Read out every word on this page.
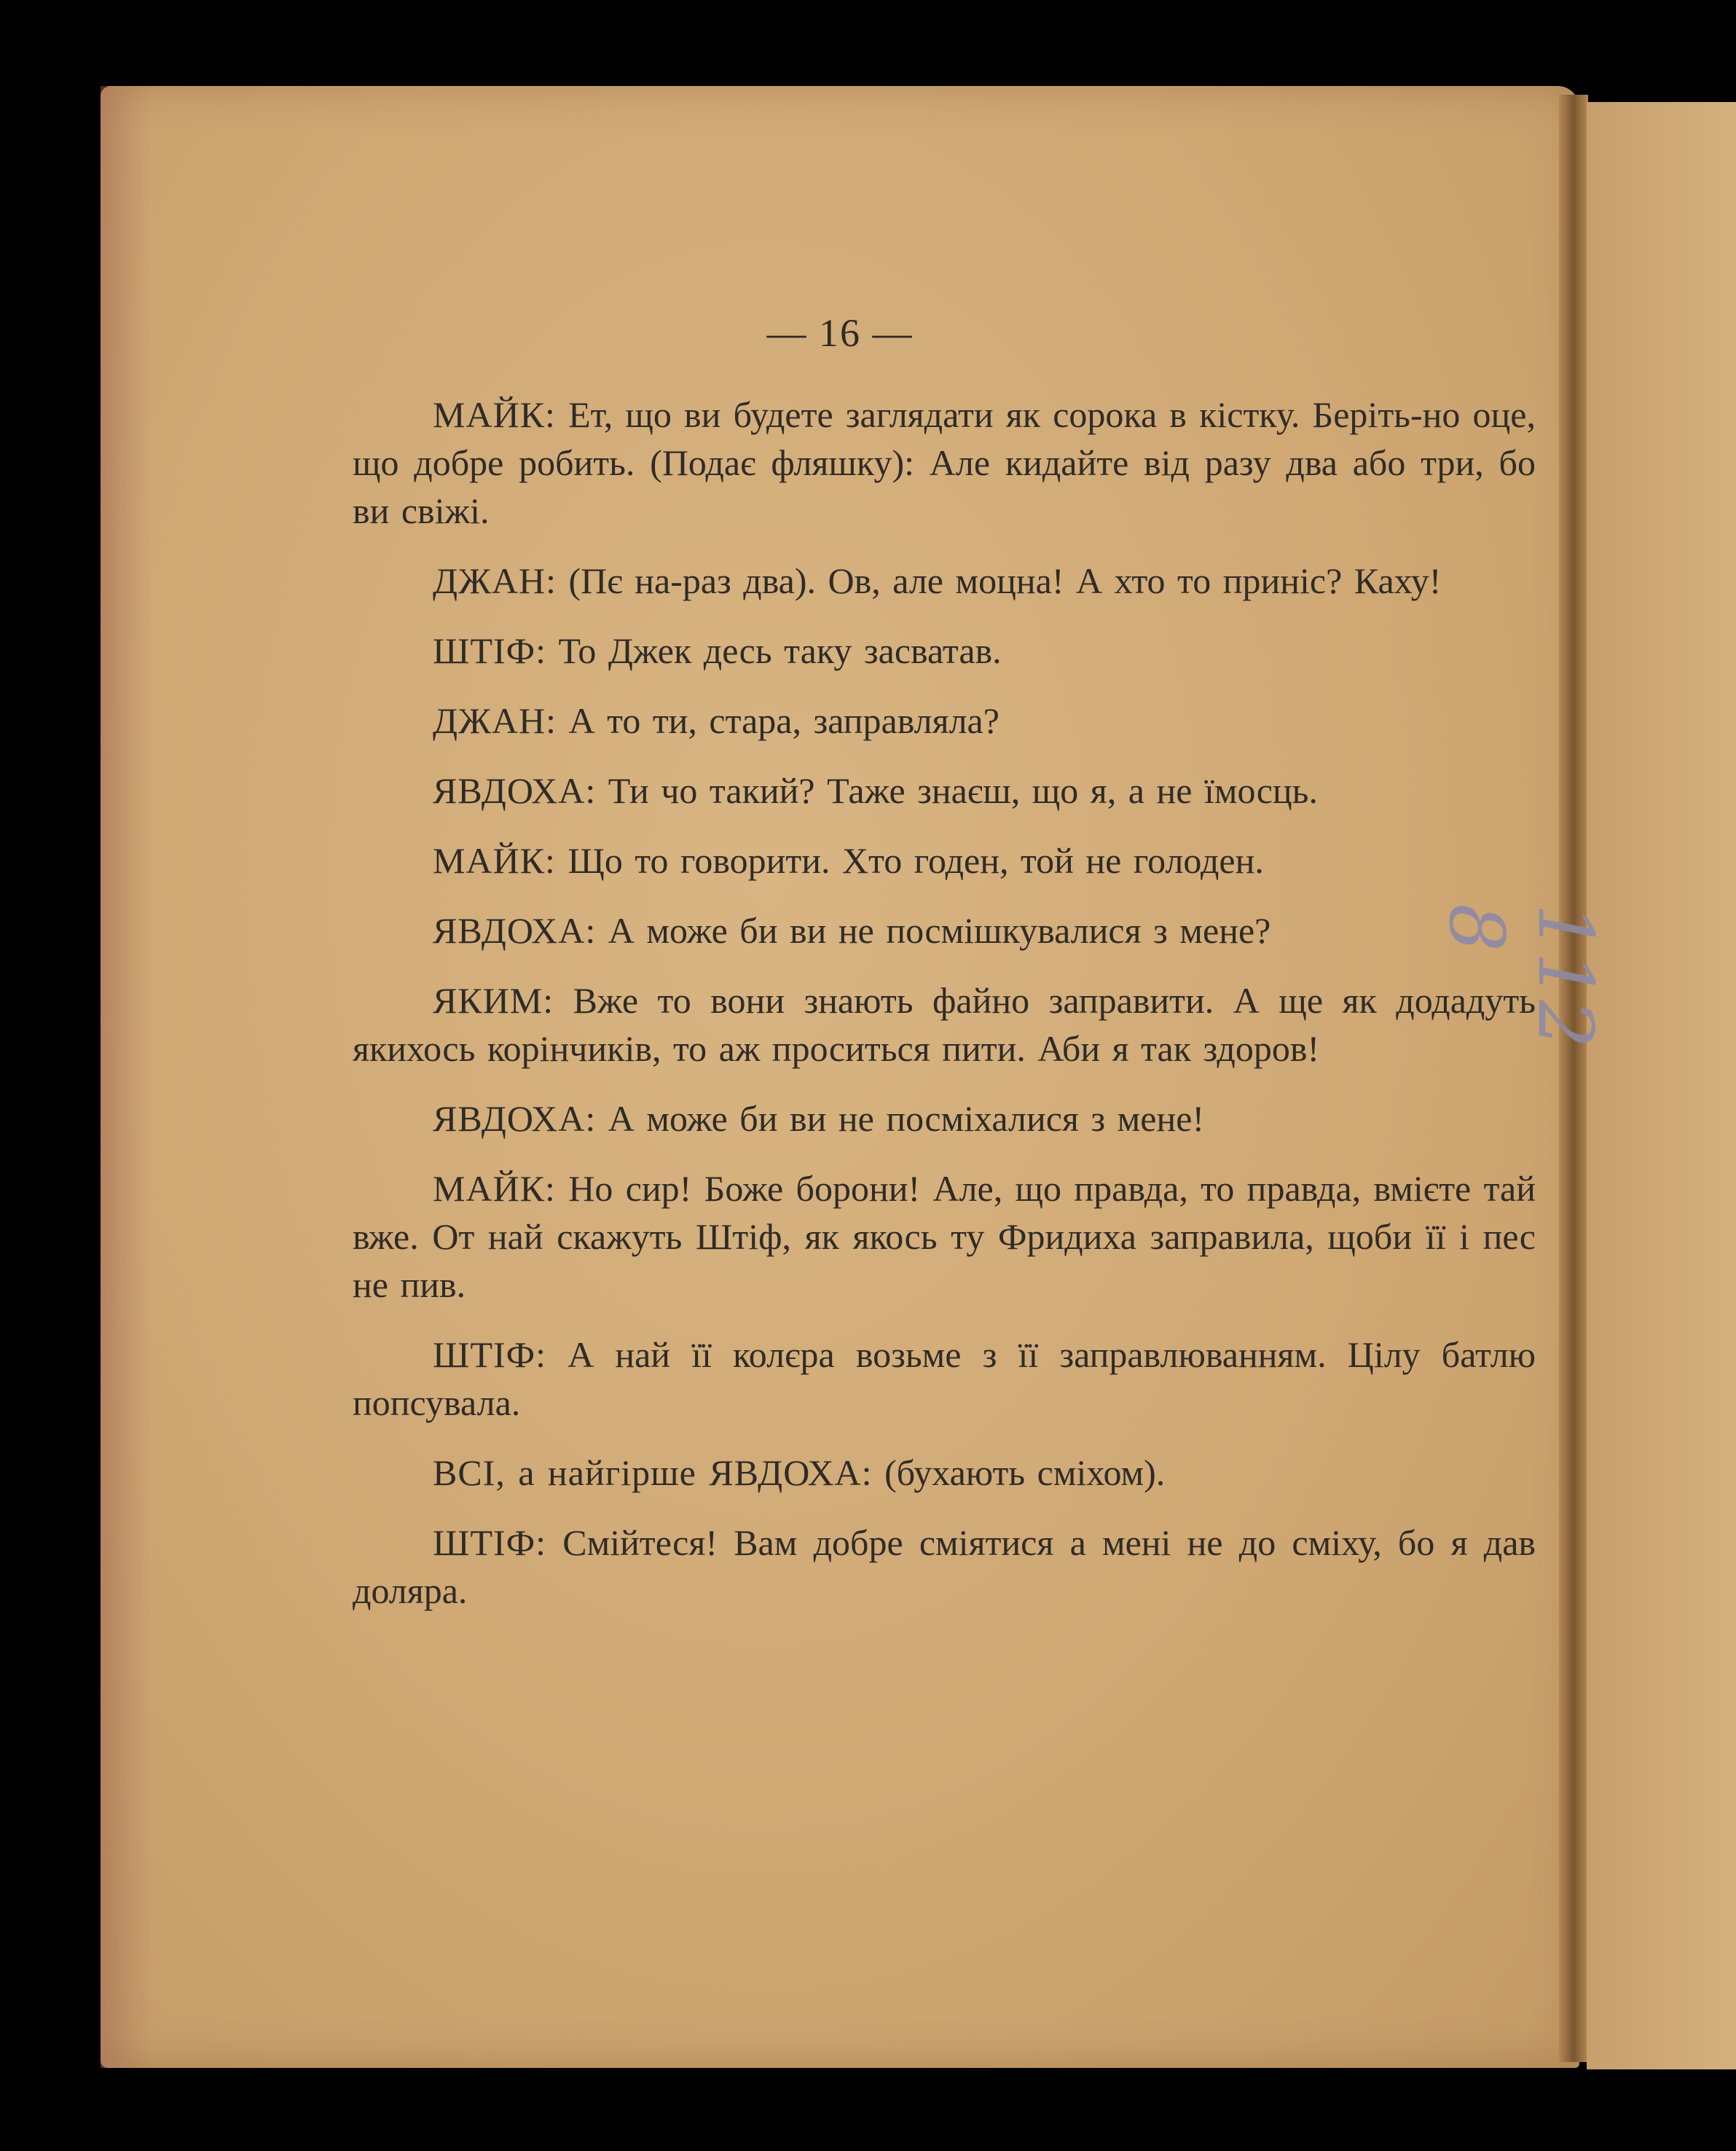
— 16 —

МАЙК: Ет, що ви будете заглядати як сорока в кістку. Беріть-но оце, що добре робить. (Подає фляшку): Але кидайте від разу два або три, бо ви свіжі.

ДЖАН: (Пє на-раз два). Ов, але моцна! А хто то приніс? Каху!

ШТІФ: То Джек десь таку засватав.

ДЖАН: А то ти, стара, заправляла?

ЯВДОХА: Ти чо такий? Таже знаєш, що я, а не їмосць.

МАЙК: Що то говорити. Хто годен, той не голоден.

ЯВДОХА: А може би ви не посмішкувалися з мене?

ЯКИМ: Вже то вони знають файно заправити. А ще як додадуть якихось корінчиків, то аж проситься пити. Аби я так здоров!

ЯВДОХА: А може би ви не посміхалися з мене!

МАЙК: Но сир! Боже борони! Але, що правда, то правда, вмієте тай вже. От най скажуть Штіф, як якось ту Фридиха заправила, щоби її і пес не пив.

ШТІФ: А най її колєра возьме з її заправлюванням. Цілу батлю попсувала.

ВСІ, а найгірше ЯВДОХА: (бухають сміхом).

ШТІФ: Смійтеся! Вам добре сміятися а мені не до сміху, бо я дав доляра.

112 8
